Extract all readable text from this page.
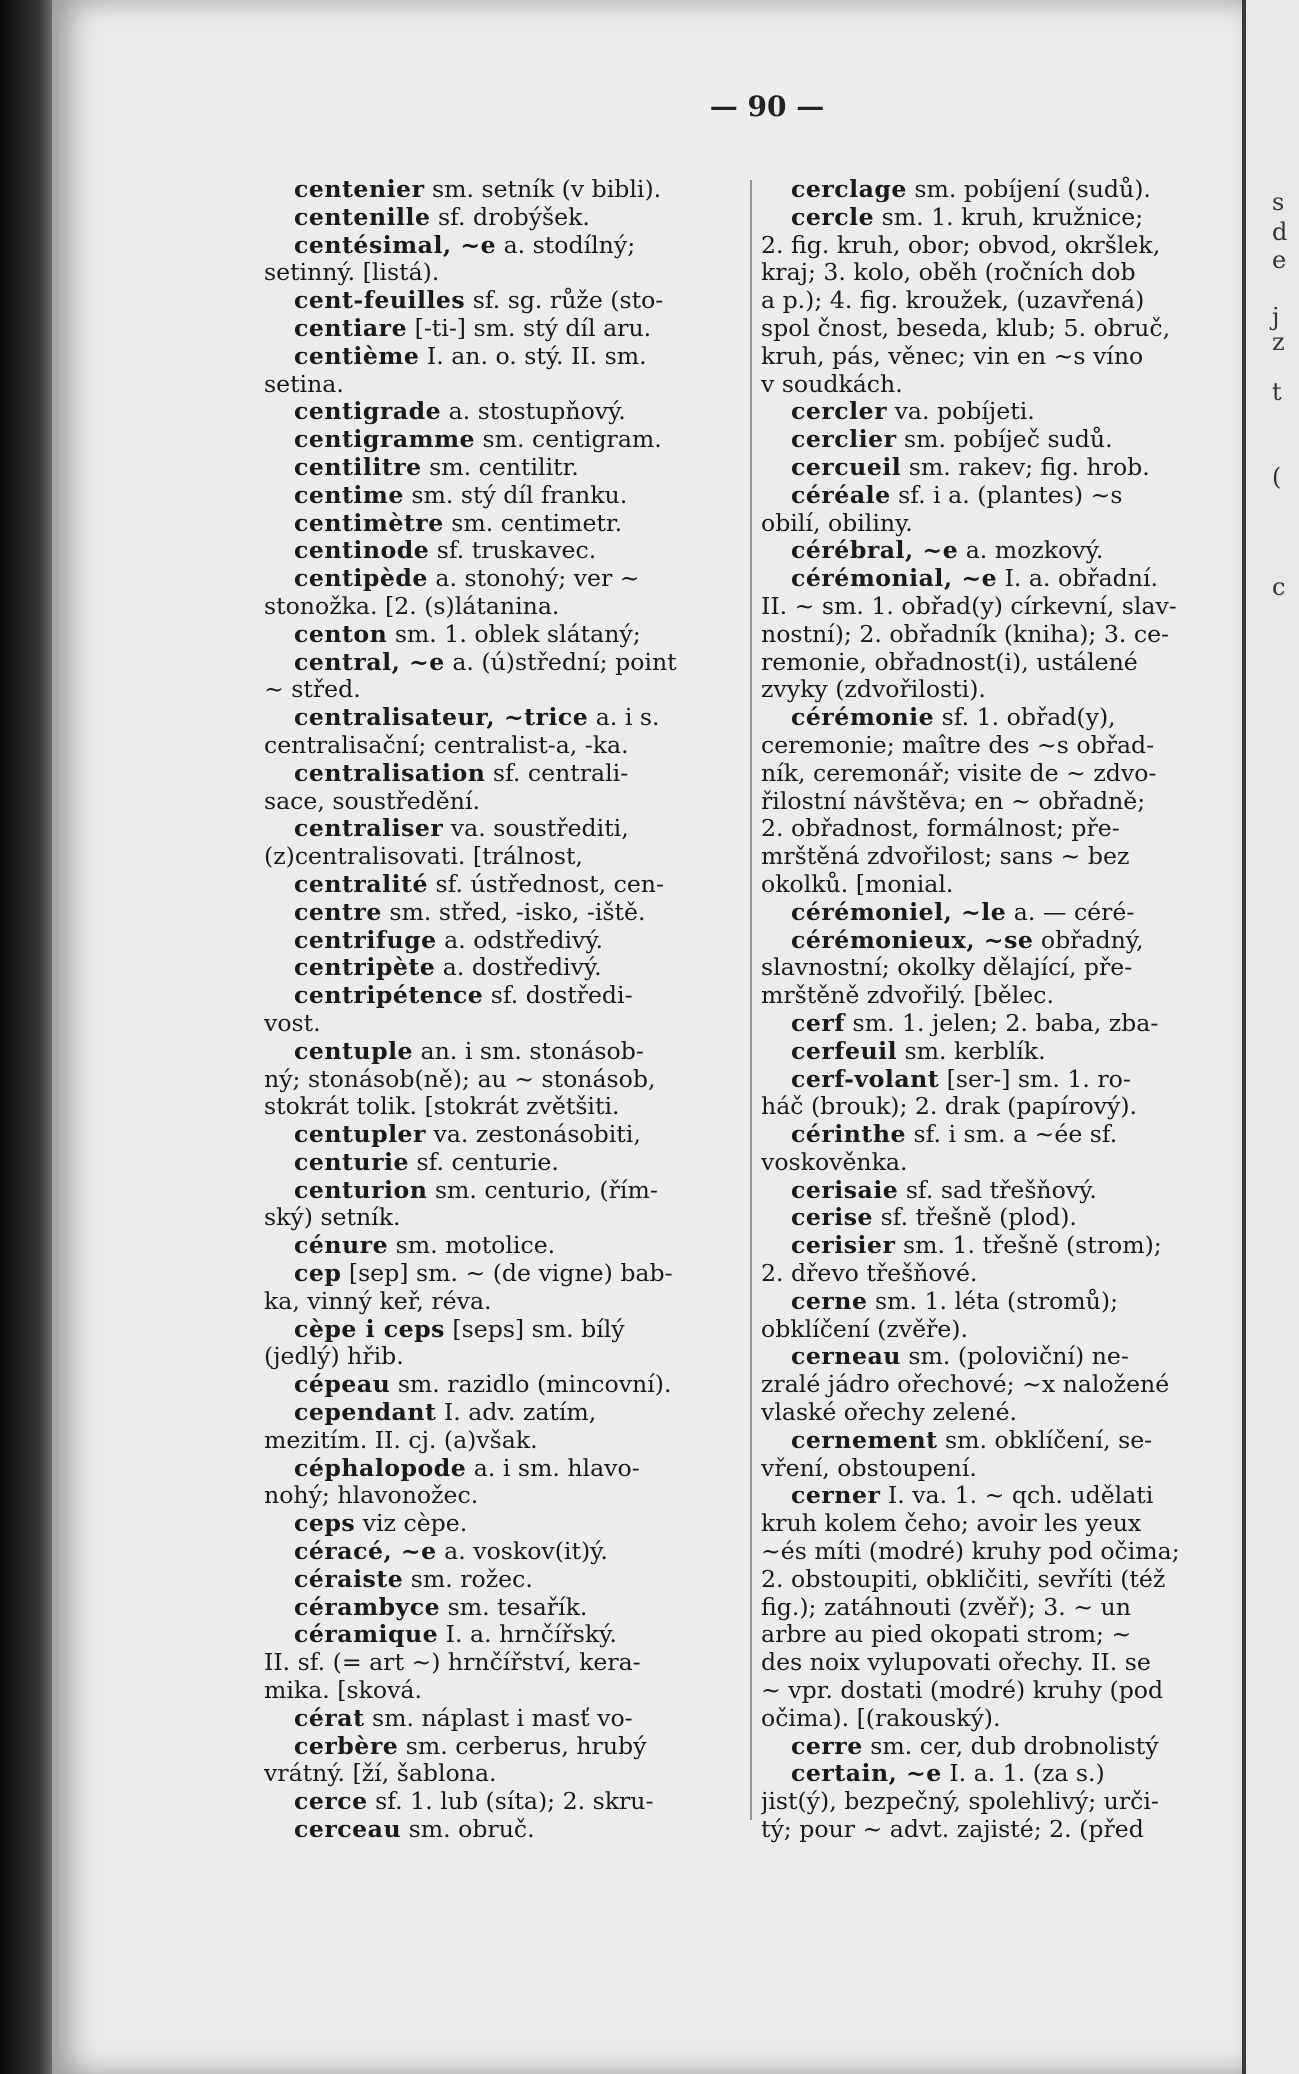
— 90 —
centenier sm. setník (v bibli).
centenille sf. drobýšek.
centésimal, ~e a. stodílný;
setinný. [listá).
cent-feuilles sf. sg. růže (sto-
centiare [-ti-] sm. stý díl aru.
centième I. an. o. stý. II. sm.
setina.
centigrade a. stostupňový.
centigramme sm. centigram.
centilitre sm. centilitr.
centime sm. stý díl franku.
centimètre sm. centimetr.
centinode sf. truskavec.
centipède a. stonohý; ver ~
stonožka. [2. (s)látanina.
centon sm. 1. oblek slátaný;
central, ~e a. (ú)střední; point
~ střed.
centralisateur, ~trice a. i s.
centralisační; centralist-a, -ka.
centralisation sf. centrali-
sace, soustředění.
centraliser va. soustřediti,
(z)centralisovati. [trálnost,
centralité sf. ústřednost, cen-
centre sm. střed, -isko, -iště.
centrifuge a. odstředivý.
centripète a. dostředivý.
centripétence sf. dostředi-
vost.
centuple an. i sm. stonásob-
ný; stonásob(ně); au ~ stonásob,
stokrát tolik. [stokrát zvětšiti.
centupler va. zestonásobiti,
centurie sf. centurie.
centurion sm. centurio, (řím-
ský) setník.
cénure sm. motolice.
cep [sep] sm. ~ (de vigne) bab-
ka, vinný keř, réva.
cèpe i ceps [seps] sm. bílý
(jedlý) hřib.
cépeau sm. razidlo (mincovní).
cependant I. adv. zatím,
mezitím. II. cj. (a)však.
céphalopode a. i sm. hlavo-
nohý; hlavonožec.
ceps viz cèpe.
céracé, ~e a. voskov(it)ý.
céraiste sm. rožec.
cérambyce sm. tesařík.
céramique I. a. hrnčířský.
II. sf. (= art ~) hrnčířství, kera-
mika. [sková.
cérat sm. náplast i masť vo-
cerbère sm. cerberus, hrubý
vrátný. [ží, šablona.
cerce sf. 1. lub (síta); 2. skru-
cerceau sm. obruč.
cerclage sm. pobíjení (sudů).
cercle sm. 1. kruh, kružnice;
2. fig. kruh, obor; obvod, okršlek,
kraj; 3. kolo, oběh (ročních dob
a p.); 4. fig. kroužek, (uzavřená)
spol čnost, beseda, klub; 5. obruč,
kruh, pás, věnec; vin en ~s víno
v soudkách.
cercler va. pobíjeti.
cerclier sm. pobíječ sudů.
cercueil sm. rakev; fig. hrob.
céréale sf. i a. (plantes) ~s
obilí, obiliny.
cérébral, ~e a. mozkový.
cérémonial, ~e I. a. obřadní.
II. ~ sm. 1. obřad(y) církevní, slav-
nostní); 2. obřadník (kniha); 3. ce-
remonie, obřadnost(i), ustálené
zvyky (zdvořilosti).
cérémonie sf. 1. obřad(y),
ceremonie; maître des ~s obřad-
ník, ceremonář; visite de ~ zdvo-
řilostní návštěva; en ~ obřadně;
2. obřadnost, formálnost; pře-
mrštěná zdvořilost; sans ~ bez
okolků. [monial.
cérémoniel, ~le a. — céré-
cérémonieux, ~se obřadný,
slavnostní; okolky dělající, pře-
mrštěně zdvořilý. [bělec.
cerf sm. 1. jelen; 2. baba, zba-
cerfeuil sm. kerblík.
cerf-volant [ser-] sm. 1. ro-
háč (brouk); 2. drak (papírový).
cérinthe sf. i sm. a ~ée sf.
voskověnka.
cerisaie sf. sad třešňový.
cerise sf. třešně (plod).
cerisier sm. 1. třešně (strom);
2. dřevo třešňové.
cerne sm. 1. léta (stromů);
obklíčení (zvěře).
cerneau sm. (poloviční) ne-
zralé jádro ořechové; ~x naložené
vlaské ořechy zelené.
cernement sm. obklíčení, se-
vření, obstoupení.
cerner I. va. 1. ~ qch. udělati
kruh kolem čeho; avoir les yeux
~és míti (modré) kruhy pod očima;
2. obstoupiti, obkličiti, sevříti (též
fig.); zatáhnouti (zvěř); 3. ~ un
arbre au pied okopati strom; ~
des noix vylupovati ořechy. II. se
~ vpr. dostati (modré) kruhy (pod
očima). [(rakouský).
cerre sm. cer, dub drobnolistý
certain, ~e I. a. 1. (za s.)
jist(ý), bezpečný, spolehlivý; urči-
tý; pour ~ advt. zajisté; 2. (před
s
d
e
j
z
t
(
c
